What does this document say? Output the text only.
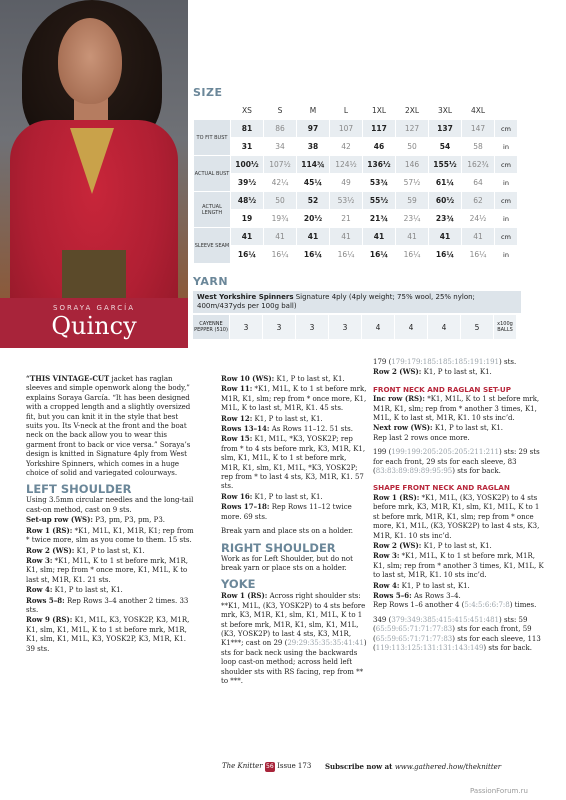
SORAYA GARCÍA
Quincy
SIZE
	XS	S	M	L	1XL	2XL	3XL	4XL	
TO FIT BUST	81	86	97	107	117	127	137	147	cm
	31	34	38	42	46	50	54	58	in
ACTUAL BUST	100½	107½	114¾	124½	136½	146	155½	162¾	cm
	39½	42¼	45¼	49	53¾	57½	61¼	64	in
ACTUAL LENGTH	48½	50	52	53½	55½	59	60½	62	cm
	19	19¾	20½	21	21¾	23¼	23¾	24½	in
SLEEVE SEAM	41	41	41	41	41	41	41	41	cm
	16¼	16¼	16¼	16¼	16¼	16¼	16¼	16¼	in
YARN
West Yorkshire Spinners Signature 4ply (4ply weight; 75% wool, 25% nylon; 400m/437yds per 100g ball)
CAYENNE PEPPER (510)	3	3	3	3	4	4	4	5	x100g BALLS

“THIS VINTAGE-CUT jacket has raglan sleeves and simple openwork along the body,” explains Soraya García. “It has been designed with a cropped length and a slightly oversized fit, but you can knit it in the style that best suits you. Its V-neck at the front and the boat neck on the back allow you to wear this garment front to back or vice versa.” Soraya’s design is knitted in Signature 4ply from West Yorkshire Spinners, which comes in a huge choice of solid and variegated colourways.

LEFT SHOULDER

Using 3.5mm circular needles and the long-tail cast-on method, cast on 9 sts.

Set-up row (WS): P3, pm, P3, pm, P3.

Row 1 (RS): *K1, M1L, K1, M1R, K1; rep from * twice more, slm as you come to them. 15 sts.

Row 2 (WS): K1, P to last st, K1.

Row 3: *K1, M1L, K to 1 st before mrk, M1R, K1, slm; rep from * once more, K1, M1L, K to last st, M1R, K1. 21 sts.

Row 4: K1, P to last st, K1.

Rows 5–8: Rep Rows 3–4 another 2 times. 33 sts.

Row 9 (RS): K1, M1L, K3, YOSK2P, K3, M1R, K1, slm, K1, M1L, K to 1 st before mrk, M1R, K1, slm, K1, M1L, K3, YOSK2P, K3, M1R, K1. 39 sts.

Row 10 (WS): K1, P to last st, K1.

Row 11: *K1, M1L, K to 1 st before mrk, M1R, K1, slm; rep from * once more, K1, M1L, K to last st, M1R, K1. 45 sts.

Row 12: K1, P to last st, K1.

Rows 13–14: As Rows 11–12. 51 sts.

Row 15: K1, M1L, *K3, YOSK2P; rep from * to 4 sts before mrk, K3, M1R, K1, slm, K1, M1L, K to 1 st before mrk, M1R, K1, slm, K1, M1L, *K3, YOSK2P; rep from * to last 4 sts, K3, M1R, K1. 57 sts.

Row 16: K1, P to last st, K1.

Rows 17–18: Rep Rows 11–12 twice more. 69 sts.

Break yarn and place sts on a holder.

RIGHT SHOULDER

Work as for Left Shoulder, but do not break yarn or place sts on a holder.

YOKE

Row 1 (RS): Across right shoulder sts: **K1, M1L, (K3, YOSK2P) to 4 sts before mrk, K3, M1R, K1, slm, K1, M1L, K to 1 st before mrk, M1R, K1, slm, K1, M1L, (K3, YOSK2P) to last 4 sts, K3, M1R, K1***; cast on 29 (29:29:35:35:35:41:41) sts for back neck using the backwards loop cast-on method; across held left shoulder sts with RS facing, rep from ** to ***.

179 (179:179:185:185:185:191:191) sts.

Row 2 (WS): K1, P to last st, K1.

FRONT NECK AND RAGLAN SET-UP

Inc row (RS): *K1, M1L, K to 1 st before mrk, M1R, K1, slm; rep from * another 3 times, K1, M1L, K to last st, M1R, K1. 10 sts inc’d.

Next row (WS): K1, P to last st, K1.

Rep last 2 rows once more.

199 (199:199:205:205:205:211:211) sts: 29 sts for each front, 29 sts for each sleeve, 83 (83:83:89:89:89:95:95) sts for back.

SHAPE FRONT NECK AND RAGLAN

Row 1 (RS): *K1, M1L, (K3, YOSK2P) to 4 sts before mrk, K3, M1R, K1, slm, K1, M1L, K to 1 st before mrk, M1R, K1, slm; rep from * once more, K1, M1L, (K3, YOSK2P) to last 4 sts, K3, M1R, K1. 10 sts inc’d.

Row 2 (WS): K1, P to last st, K1.

Row 3: *K1, M1L, K to 1 st before mrk, M1R, K1, slm; rep from * another 3 times, K1, M1L, K to last st, M1R, K1. 10 sts inc’d.

Row 4: K1, P to last st, K1.

Rows 5–6: As Rows 3–4.

Rep Rows 1–6 another 4 (5:4:5:6:6:7:8) times.

349 (379:349:385:415:415:451:481) sts: 59 (65:59:65:71:71:77:83) sts for each front, 59 (65:59:65:71:71:77:83) sts for each sleeve, 113 (119:113:125:131:131:143:149) sts for back.

The Knitter 56 Issue 173 Subscribe now at www.gathered.how/theknitter
PassionForum.ru
